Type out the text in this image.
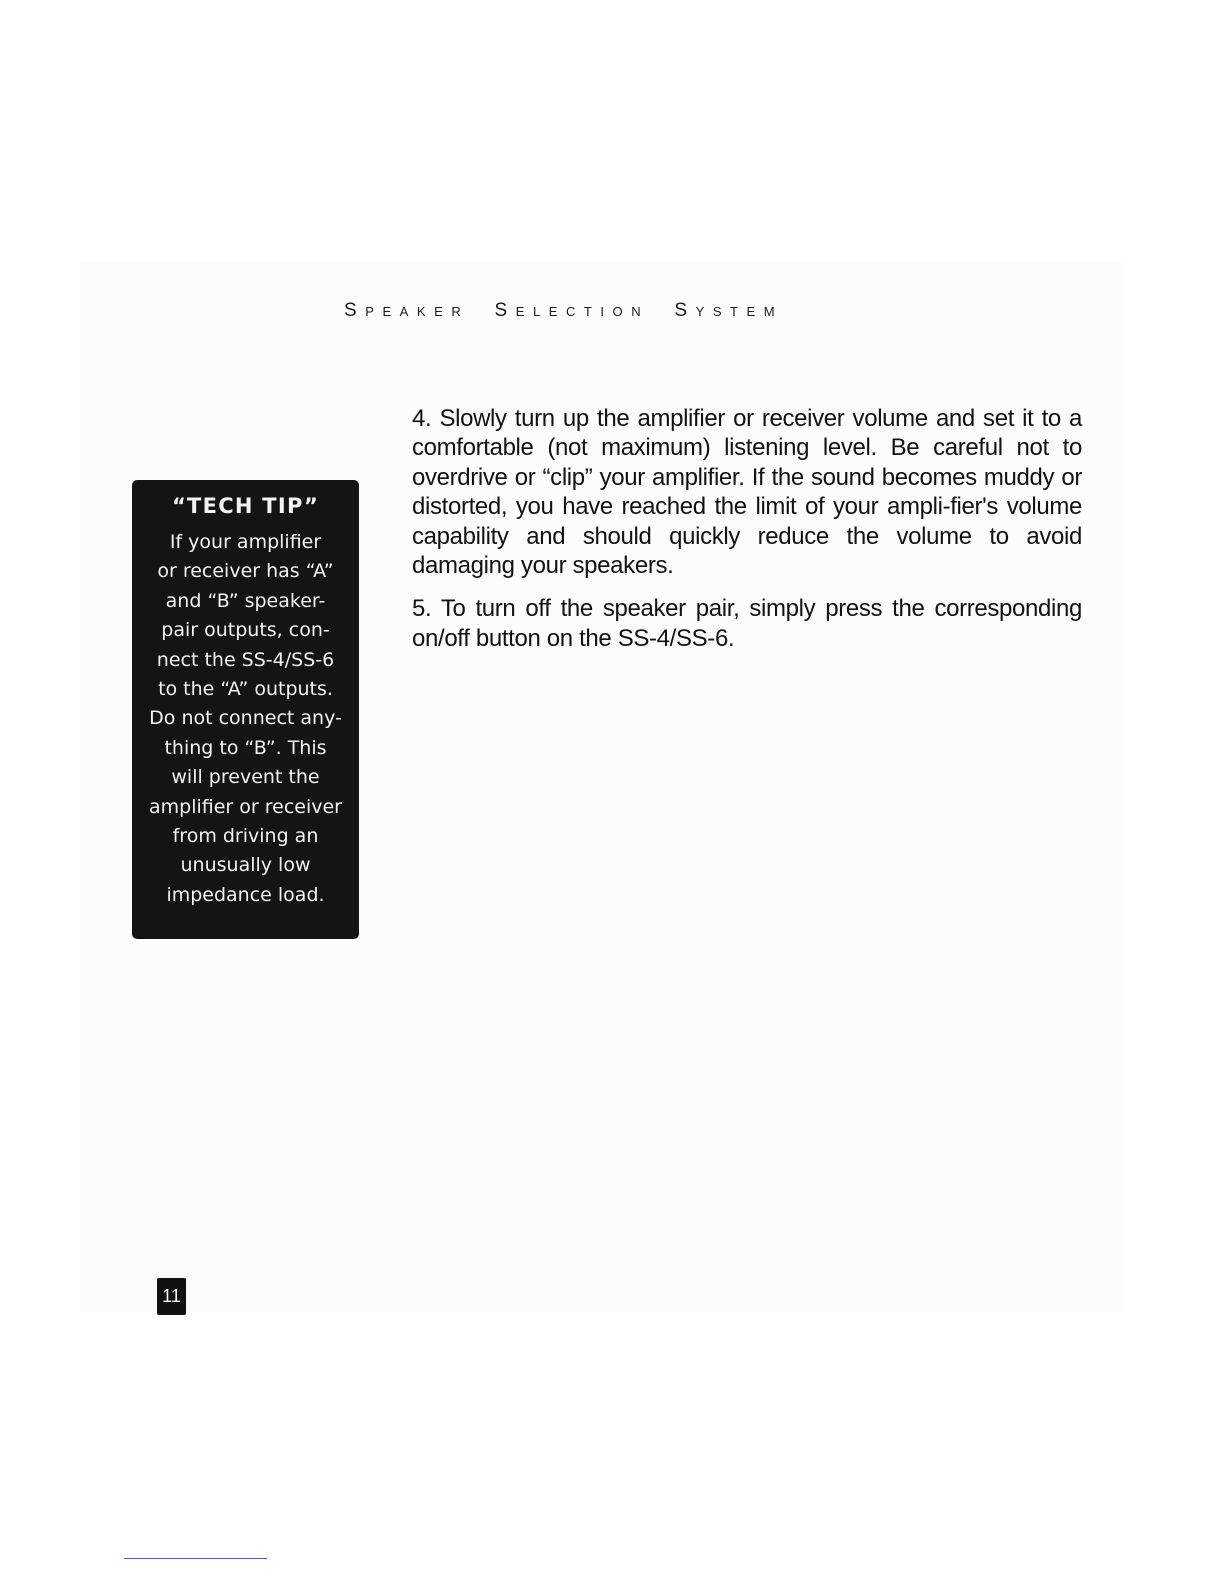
Speaker Selection System
“TECH TIP”

If your amplifier
or receiver has “A”
and “B” speaker-
pair outputs, con-
nect the SS-4/SS-6
to the “A” outputs.
Do not connect any-
thing to “B”. This
will prevent the
amplifier or receiver
from driving an
unusually low
impedance load.

4. Slowly turn up the amplifier or receiver volume and set it to a comfortable (not maximum) listening level. Be careful not to overdrive or “clip” your amplifier. If the sound becomes muddy or distorted, you have reached the limit of your ampli-fier's volume capability and should quickly reduce the volume to avoid damaging your speakers.

5. To turn off the speaker pair, simply press the corresponding on/off button on the SS-4/SS-6.

11
